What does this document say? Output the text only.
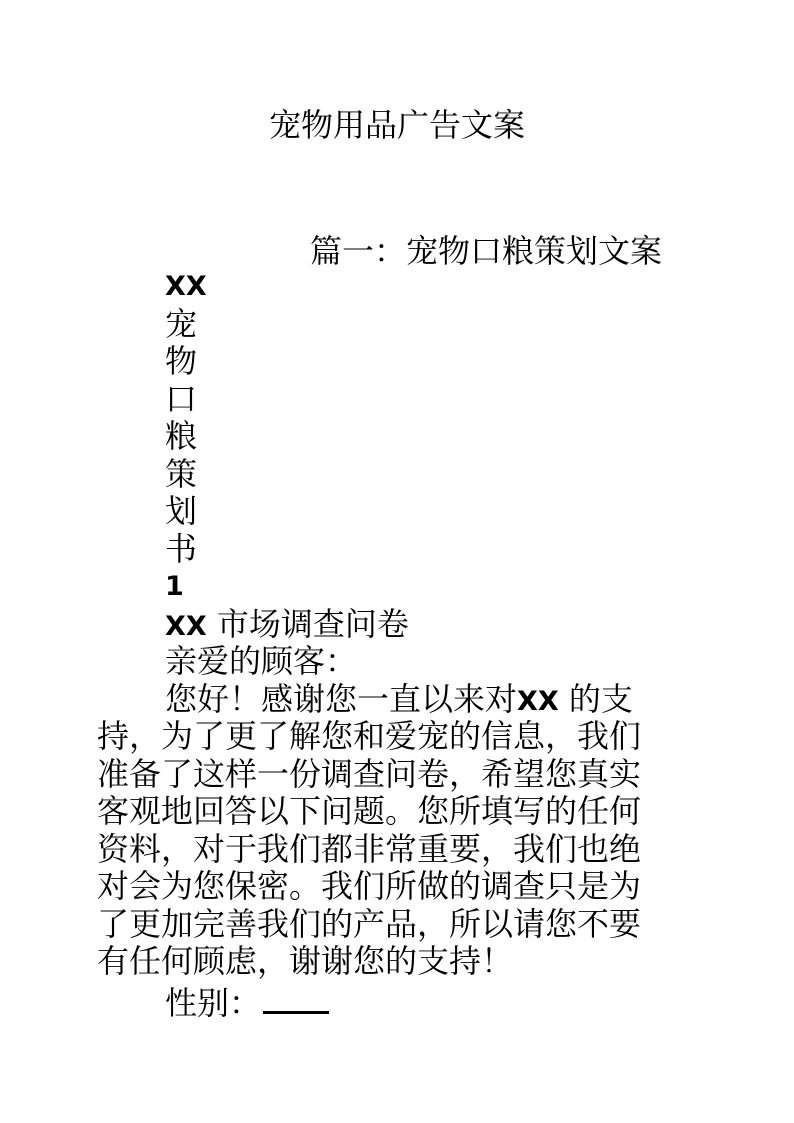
宠物用品广告文案
篇一：宠物口粮策划文案
XX
宠
物
口
粮
策
划
书
1
XX 市场调查问卷
亲爱的顾客：
您好！感谢您一直以来对XX 的支
持，为了更了解您和爱宠的信息，我们
准备了这样一份调查问卷，希望您真实
客观地回答以下问题。您所填写的任何
资料，对于我们都非常重要，我们也绝
对会为您保密。我们所做的调查只是为
了更加完善我们的产品，所以请您不要
有任何顾虑，谢谢您的支持！
性别：
